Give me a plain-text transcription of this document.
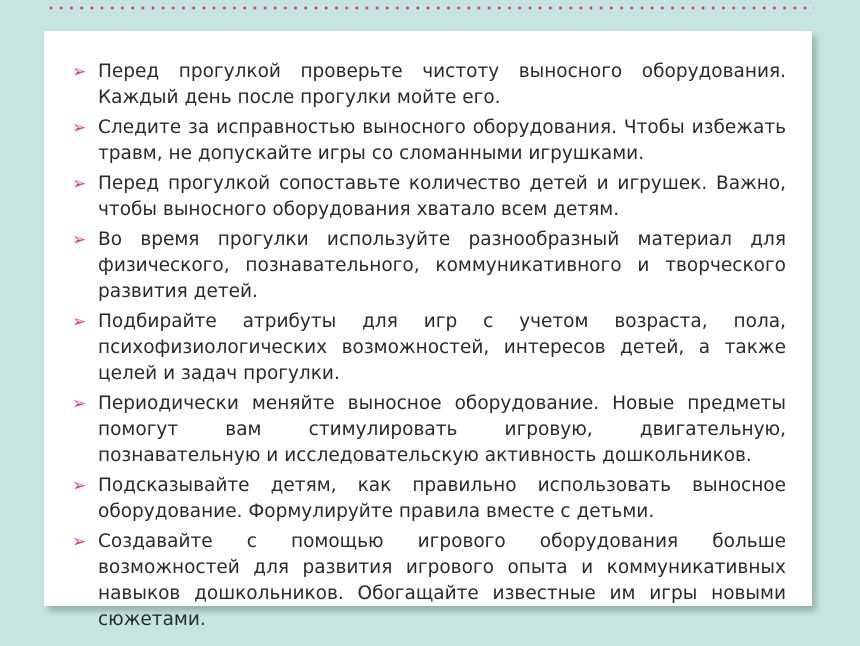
➢ Перед прогулкой проверьте чистоту выносного оборудования. Каждый день после прогулки мойте его.
➢ Следите за исправностью выносного оборудования. Чтобы избежать травм, не допускайте игры со сломанными игрушками.
➢ Перед прогулкой сопоставьте количество детей и игрушек. Важно, чтобы выносного оборудования хватало всем детям.
➢ Во время прогулки используйте разнообразный материал для физического, познавательного, коммуникативного и творческого развития детей.
➢ Подбирайте атрибуты для игр с учетом возраста, пола, психофизиологических возможностей, интересов детей, а также целей и задач прогулки.
➢ Периодически меняйте выносное оборудование. Новые предметы помогут вам стимулировать игровую, двигательную, познавательную и исследовательскую активность дошкольников.
➢ Подсказывайте детям, как правильно использовать выносное оборудование. Формулируйте правила вместе с детьми.
➢ Создавайте с помощью игрового оборудования больше возможностей для развития игрового опыта и коммуникативных навыков дошкольников. Обогащайте известные им игры новыми сюжетами.
